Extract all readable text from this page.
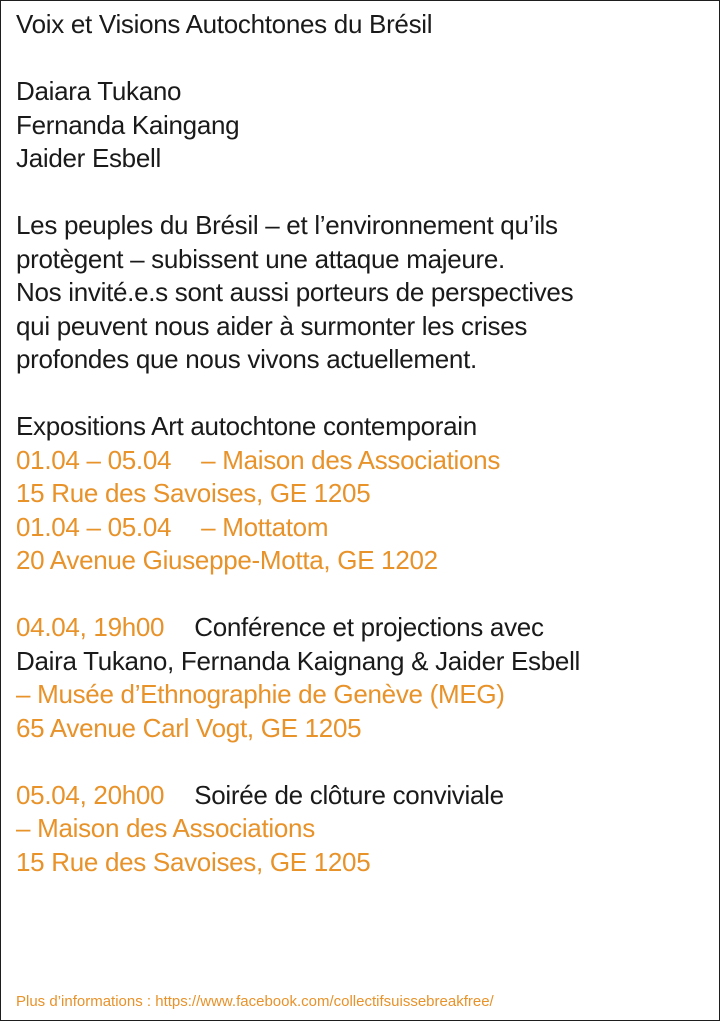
Voix et Visions Autochtones du Brésil
Daiara Tukano
Fernanda Kaingang
Jaider Esbell
Les peuples du Brésil – et l’environnement qu’ils
protègent – subissent une attaque majeure.
Nos invité.e.s sont aussi porteurs de perspectives
qui peuvent nous aider à surmonter les crises
profondes que nous vivons actuellement.
Expositions Art autochtone contemporain
01.04 – 05.04 – Maison des Associations
15 Rue des Savoises, GE 1205
01.04 – 05.04 – Mottatom
20 Avenue Giuseppe-Motta, GE 1202
04.04, 19h00 Conférence et projections avec
Daira Tukano, Fernanda Kaignang & Jaider Esbell
– Musée d’Ethnographie de Genève (MEG)
65 Avenue Carl Vogt, GE 1205
05.04, 20h00 Soirée de clôture conviviale
– Maison des Associations
15 Rue des Savoises, GE 1205
Plus d’informations : https://www.facebook.com/collectifsuissebreakfree/
